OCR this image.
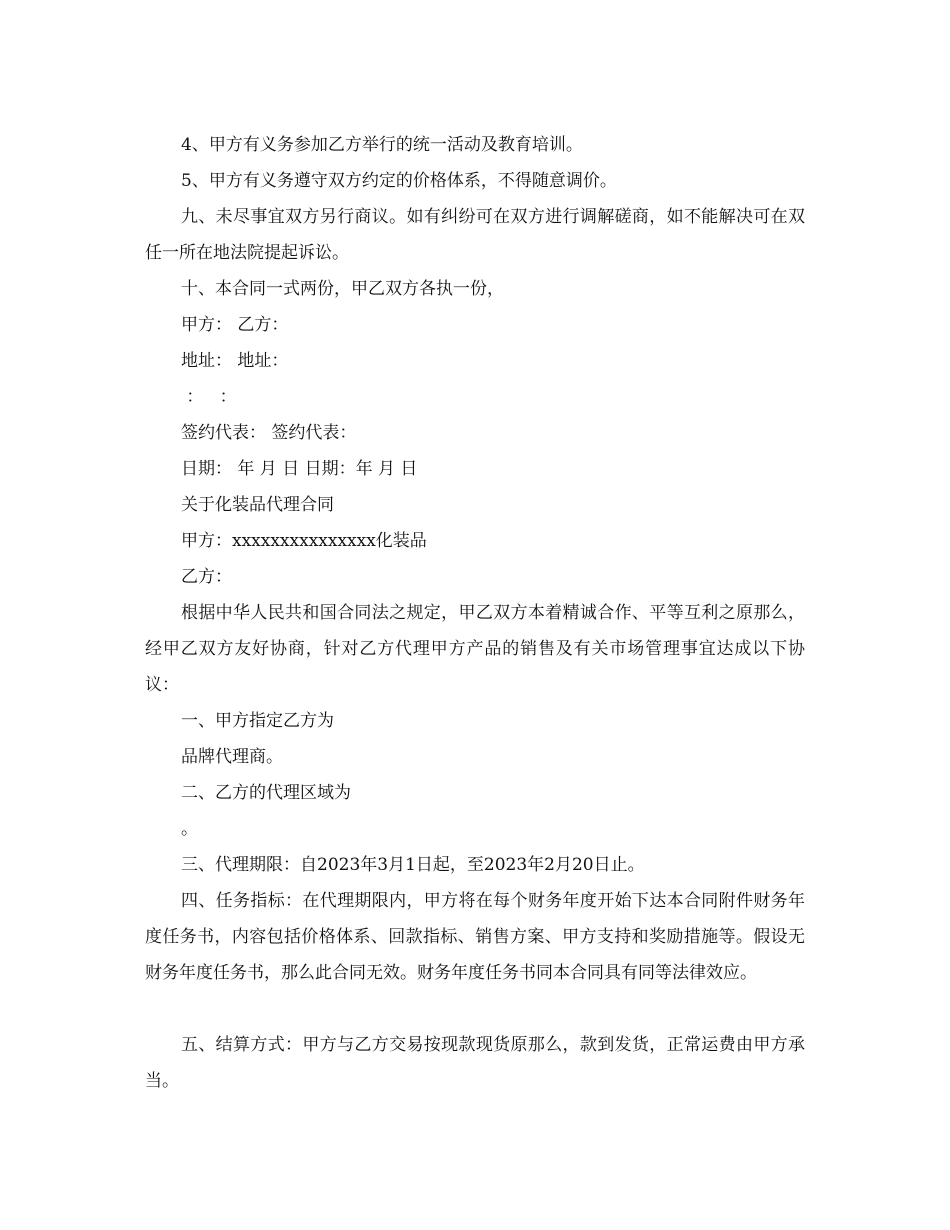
4、甲方有义务参加乙方举行的统一活动及教育培训。

5、甲方有义务遵守双方约定的价格体系，不得随意调价。

九、未尽事宜双方另行商议。如有纠纷可在双方进行调解磋商，如不能解决可在双任一所在地法院提起诉讼。

十、本合同一式两份，甲乙双方各执一份，

甲方： 乙方：

地址： 地址：

：   ：

签约代表： 签约代表：

日期： 年 月 日 日期：年 月 日

关于化装品代理合同

甲方：xxxxxxxxxxxxxxx化装品

乙方：

根据中华人民共和国合同法之规定，甲乙双方本着精诚合作、平等互利之原那么，经甲乙双方友好协商，针对乙方代理甲方产品的销售及有关市场管理事宜达成以下协议：

一、甲方指定乙方为

品牌代理商。

二、乙方的代理区域为

。

三、代理期限：自2023年3月1日起，至2023年2月20日止。

四、任务指标：在代理期限内，甲方将在每个财务年度开始下达本合同附件财务年度任务书，内容包括价格体系、回款指标、销售方案、甲方支持和奖励措施等。假设无财务年度任务书，那么此合同无效。财务年度任务书同本合同具有同等法律效应。

五、结算方式：甲方与乙方交易按现款现货原那么，款到发货，正常运费由甲方承当。
